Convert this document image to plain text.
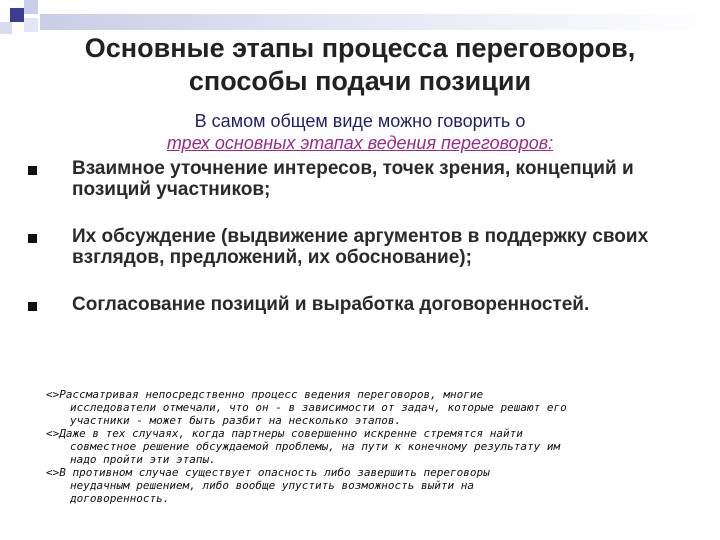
Основные этапы процесса переговоров,
способы подачи позиции
В самом общем виде можно говорить о
трех основных этапах ведения переговоров:
Взаимное уточнение интересов, точек зрения, концепций и
позиций участников;
Их обсуждение (выдвижение аргументов в поддержку своих
взглядов, предложений, их обоснование);
Согласование позиций и выработка договоренностей.
<>Рассматривая непосредственно процесс ведения переговоров, многие
исследователи отмечали, что он - в зависимости от задач, которые решают его
участники - может быть разбит на несколько этапов.
<>Даже в тех случаях, когда партнеры совершенно искренне стремятся найти
совместное решение обсуждаемой проблемы, на пути к конечному результату им
надо пройти эти этапы.
<>В противном случае существует опасность либо завершить переговоры
неудачным решением, либо вообще упустить возможность выйти на
договоренность.
